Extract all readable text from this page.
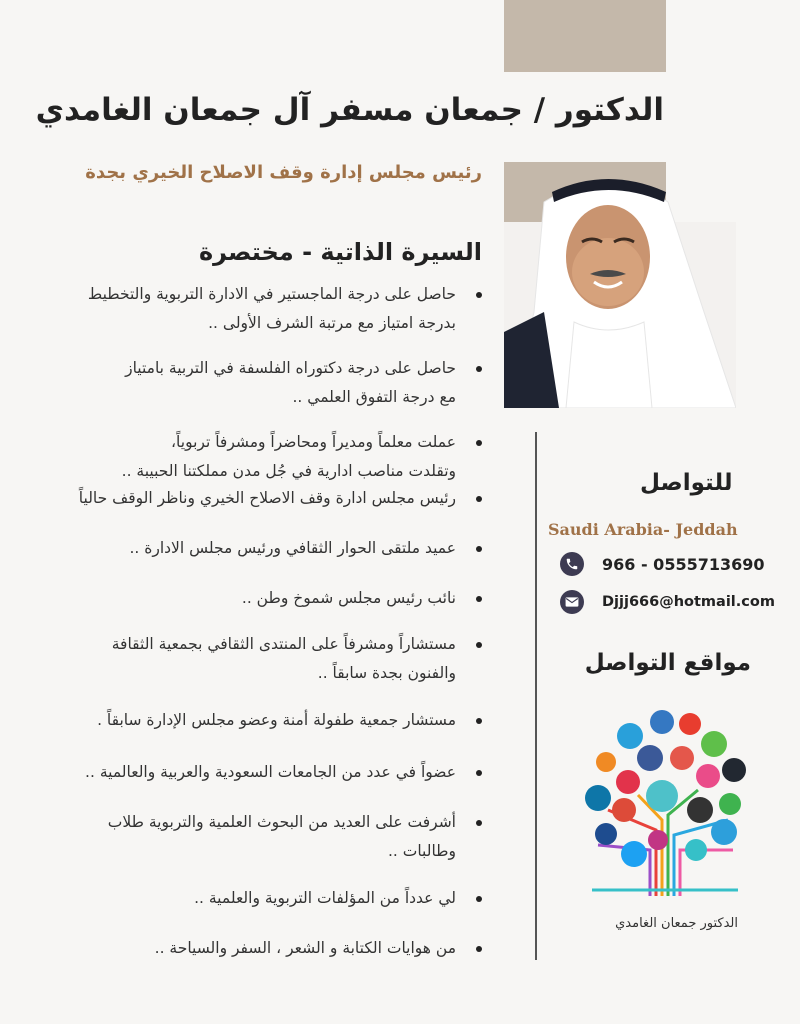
الدكتور / جمعان مسفر آل جمعان الغامدي
رئيس مجلس إدارة وقف الاصلاح الخيري بجدة
السيرة الذاتية - مختصرة
حاصل على درجة الماجستير في الادارة التربوية والتخطيط
بدرجة امتياز مع مرتبة الشرف الأولى ..
حاصل على درجة دكتوراه الفلسفة في التربية بامتياز
مع درجة التفوق العلمي ..
عملت معلماً ومديراً ومحاضراً ومشرفاً تربوياً،
وتقلدت مناصب ادارية في جُل مدن مملكتنا الحبيبة ..
رئيس مجلس ادارة وقف الاصلاح الخيري وناظر الوقف حالياً
عميد ملتقى الحوار الثقافي ورئيس مجلس الادارة ..
نائب رئيس مجلس شموخ وطن ..
مستشاراً ومشرفاً على المنتدى الثقافي بجمعية الثقافة
والفنون بجدة سابقاً ..
مستشار جمعية طفولة أمنة وعضو مجلس الإدارة سابقاً .
عضواً في عدد من الجامعات السعودية والعربية والعالمية ..
أشرفت على العديد من البحوث العلمية والتربوية طلاب
وطالبات ..
لي عدداً من المؤلفات التربوية والعلمية ..
من هوايات الكتابة و الشعر ، السفر والسياحة ..
للتواصل
Saudi Arabia- Jeddah
966 - 0555713690
Djjj666@hotmail.com
مواقع التواصل
الدكتور جمعان الغامدي
